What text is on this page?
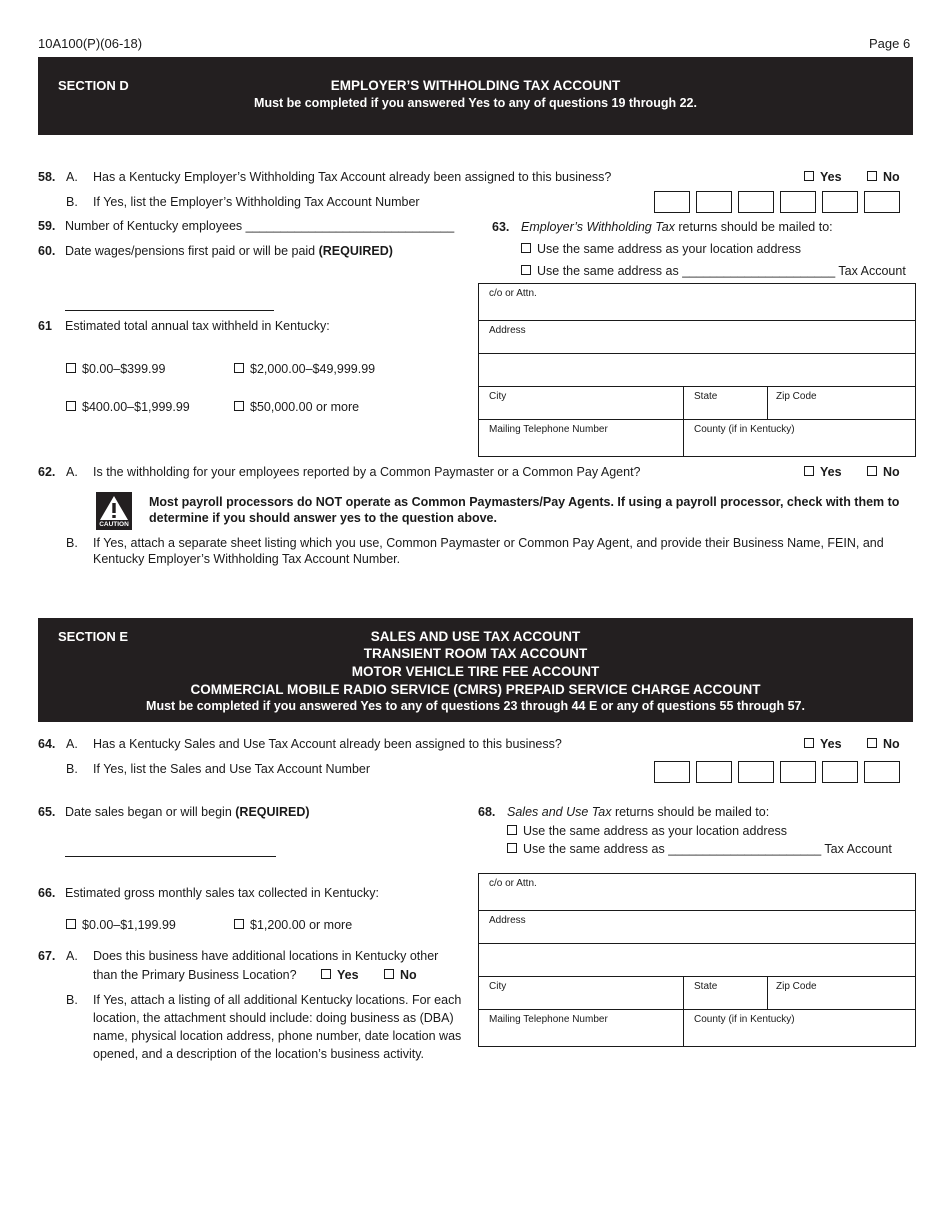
10A100(P)(06-18)	Page 6
SECTION D	EMPLOYER’S WITHHOLDING TAX ACCOUNT
Must be completed if you answered Yes to any of questions 19 through 22.
58. A. Has a Kentucky Employer’s Withholding Tax Account already been assigned to this business?	Yes	No
B. If Yes, list the Employer’s Withholding Tax Account Number
59. Number of Kentucky employees ______________________________
60. Date wages/pensions first paid or will be paid (REQUIRED)
61 Estimated total annual tax withheld in Kentucky:
$0.00–$399.99	$2,000.00–$49,999.99
$400.00–$1,999.99	$50,000.00 or more
63. Employer’s Withholding Tax returns should be mailed to:
Use the same address as your location address
Use the same address as ______________________ Tax Account
c/o or Attn.
Address
City	State	Zip Code
Mailing Telephone Number	County (if in Kentucky)
62. A. Is the withholding for your employees reported by a Common Paymaster or a Common Pay Agent?	Yes	No
CAUTION
Most payroll processors do NOT operate as Common Paymasters/Pay Agents. If using a payroll processor, check with them to determine if you should answer yes to the question above.
B. If Yes, attach a separate sheet listing which you use, Common Paymaster or Common Pay Agent, and provide their Business Name, FEIN, and Kentucky Employer’s Withholding Tax Account Number.
SECTION E	SALES AND USE TAX ACCOUNT
TRANSIENT ROOM TAX ACCOUNT
MOTOR VEHICLE TIRE FEE ACCOUNT
COMMERCIAL MOBILE RADIO SERVICE (CMRS) PREPAID SERVICE CHARGE ACCOUNT
Must be completed if you answered Yes to any of questions 23 through 44 E or any of questions 55 through 57.
64. A. Has a Kentucky Sales and Use Tax Account already been assigned to this business?	Yes	No
B. If Yes, list the Sales and Use Tax Account Number
65. Date sales began or will begin (REQUIRED)
66. Estimated gross monthly sales tax collected in Kentucky:
$0.00–$1,199.99	$1,200.00 or more
67. A. Does this business have additional locations in Kentucky other
than the Primary Business Location?	Yes	No
B. If Yes, attach a listing of all additional Kentucky locations. For each location, the attachment should include: doing business as (DBA) name, physical location address, phone number, date location was opened, and a description of the location’s business activity.
68. Sales and Use Tax returns should be mailed to:
Use the same address as your location address
Use the same address as ______________________ Tax Account
c/o or Attn.
Address
City	State	Zip Code
Mailing Telephone Number	County (if in Kentucky)
